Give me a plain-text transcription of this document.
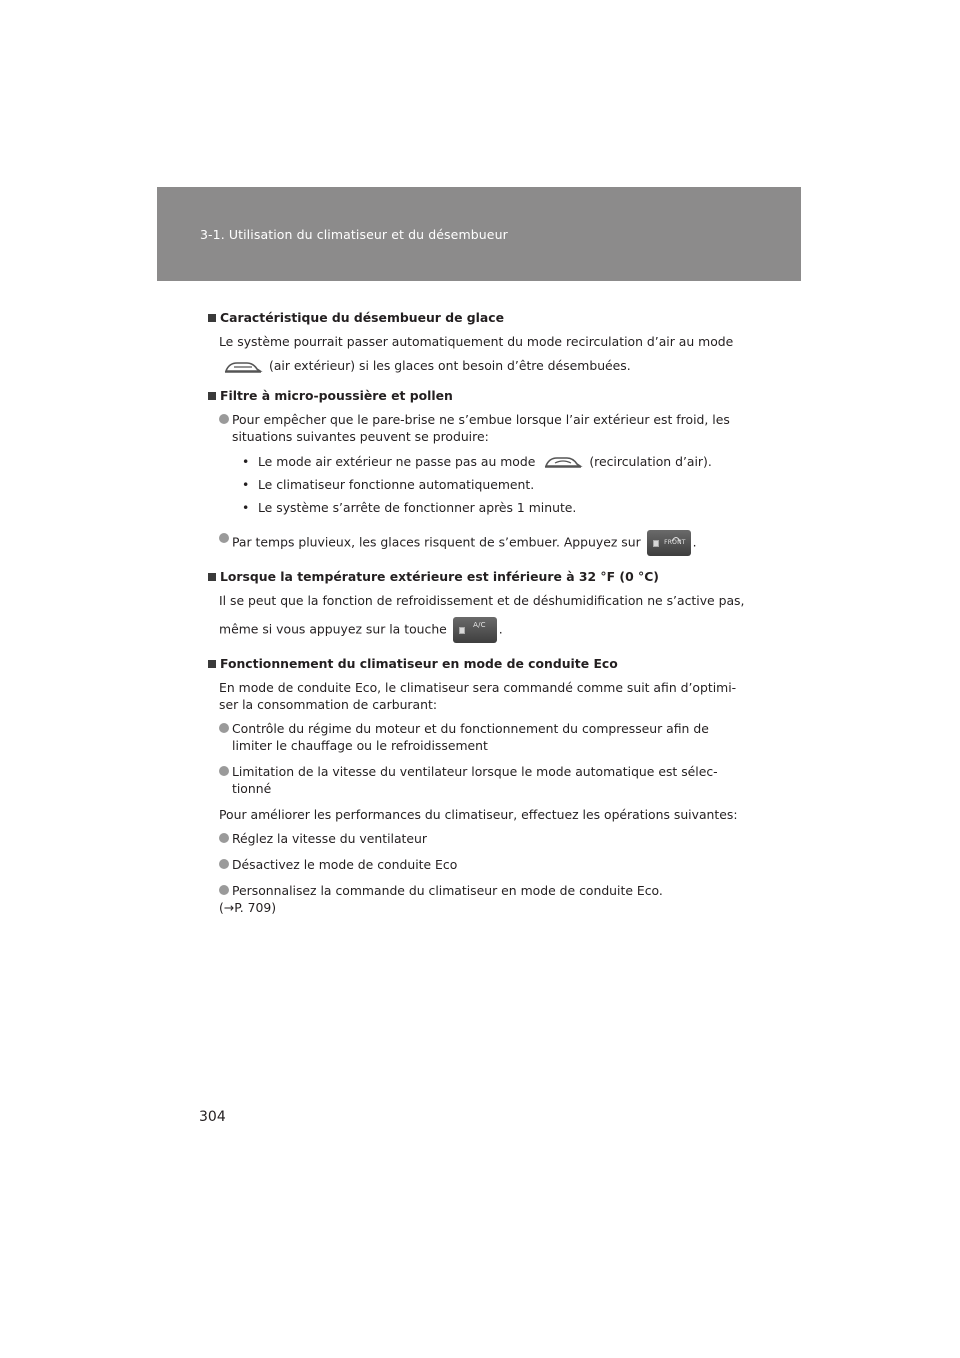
3-1. Utilisation du climatiseur et du désembueur
Caractéristique du désembueur de glace
Le système pourrait passer automatiquement du mode recirculation d’air au mode
(air extérieur) si les glaces ont besoin d’être désembuées.
Filtre à micro-poussière et pollen
Pour empêcher que le pare-brise ne s’embue lorsque l’air extérieur est froid, les
situations suivantes peuvent se produire:
• Le mode air extérieur ne passe pas au mode	(recirculation d’air).
• Le climatiseur fonctionne automatiquement.
• Le système s’arrête de fonctionner après 1 minute.
Par temps pluvieux, les glaces risquent de s’embuer. Appuyez sur	FRONT .
Lorsque la température extérieure est inférieure à 32 °F (0 °C)
Il se peut que la fonction de refroidissement et de déshumidification ne s’active pas,
même si vous appuyez sur la touche	A/C .
Fonctionnement du climatiseur en mode de conduite Eco
En mode de conduite Eco, le climatiseur sera commandé comme suit afin d’optimi-
ser la consommation de carburant:
Contrôle du régime du moteur et du fonctionnement du compresseur afin de
limiter le chauffage ou le refroidissement
Limitation de la vitesse du ventilateur lorsque le mode automatique est sélec-
tionné
Pour améliorer les performances du climatiseur, effectuez les opérations suivantes:
Réglez la vitesse du ventilateur
Désactivez le mode de conduite Eco
Personnalisez la commande du climatiseur en mode de conduite Eco.
(→P. 709)
304
